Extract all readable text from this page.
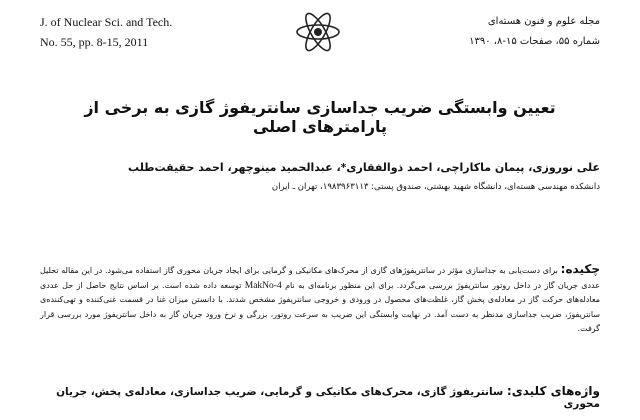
J. of Nuclear Sci. and Tech.
No. 55, pp. 8-15, 2011
مجله علوم و فنون هسته‌ای
شماره ۵۵، صفحات ۱۵-۸، ۱۳۹۰
تعیین وابستگی ضریب جداسازی سانتریفوژ گازی به برخی از پارامترهای اصلی
علی نوروزی، پیمان ماکاراچی، احمد ذوالفقاری*، عبدالحمید مینوچهر، احمد حقیقت‌طلب
دانشکده مهندسی هسته‌ای، دانشگاه شهید بهشتی، صندوق پستی: ۱۹۸۳۹۶۳۱۱۳، تهران ـ ایران
چکیده: برای دست‌یابی به جداسازی مؤثر در سانتریفوژهای گازی از محرک‌های مکانیکی و گرمایی برای ایجاد جریان محوری گاز استفاده می‌شود. در این مقاله تحلیل عددی جریان گاز در داخل روتور سانتریفوژ بررسی می‌گردد. برای این منظور برنامه‌ای به نام MakNo-4 توسعه داده شده است. بر اساس نتایج حاصل از حل عددی معادله‌های حرکت گاز در معادله‌ی پخش گاز، غلظت‌های محصول در ورودی و خروجی سانتریفوژ مشخص شدند. با دانستن میزان غنا در قسمت غنی‌کننده و تهی‌کننده‌ی سانتریفوژ، ضریب جداسازی مدنظر به دست آمد. در نهایت وابستگی این ضریب به سرعت روتور، بزرگی و نرخ ورود جریان گاز به داخل سانتریفوژ مورد بررسی قرار گرفت.
واژه‌های کلیدی: سانتریفوژ گازی، محرک‌های مکانیکی و گرمایی، ضریب جداسازی، معادله‌ی پخش، جریان محوری
